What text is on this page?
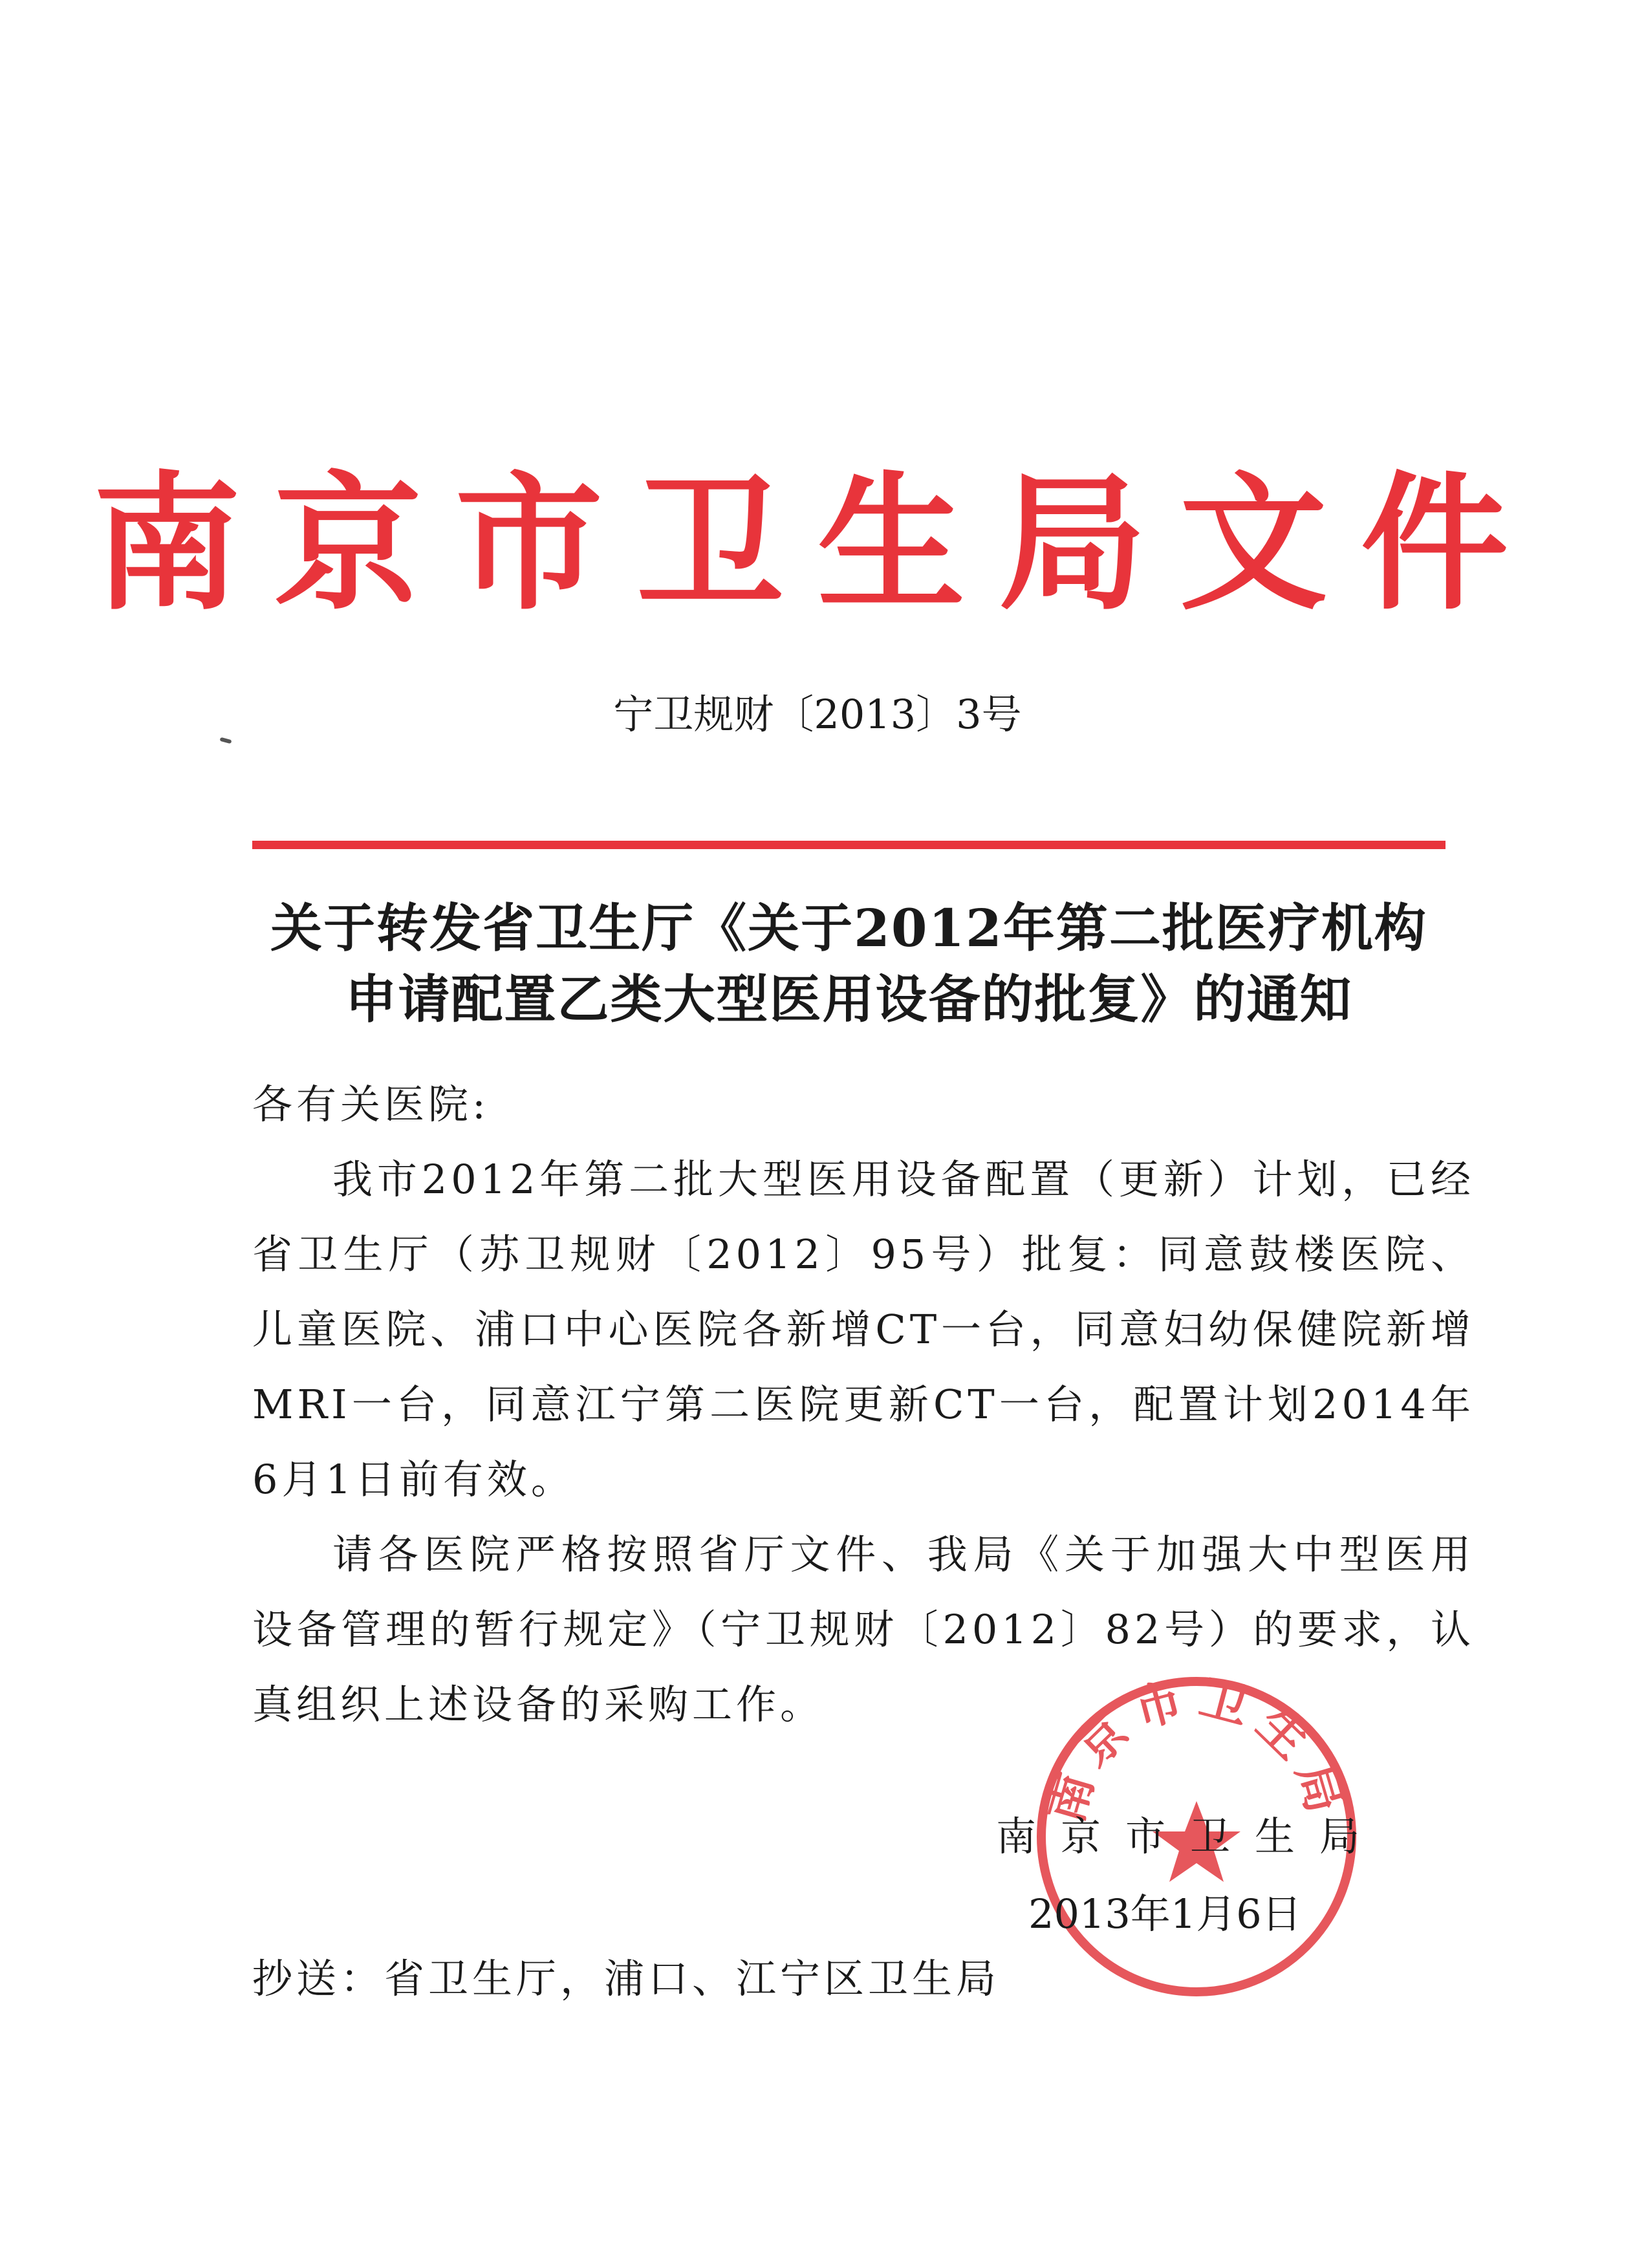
南京市卫生局文件
宁卫规财〔2013〕3号
关于转发省卫生厅《关于2012年第二批医疗机构
申请配置乙类大型医用设备的批复》的通知

各有关医院:

我市2012年第二批大型医用设备配置（更新）计划，已经省卫生厅（苏卫规财〔2012〕95号）批复：同意鼓楼医院、儿童医院、浦口中心医院各新增CT一台，同意妇幼保健院新增MRI一台，同意江宁第二医院更新CT一台，配置计划2014年6月1日前有效。

请各医院严格按照省厅文件、我局《关于加强大中型医用设备管理的暂行规定》（宁卫规财〔2012〕82号）的要求，认真组织上述设备的采购工作。

南京市卫生局
南京市卫生局
2013年1月6日
抄送：省卫生厅，浦口、江宁区卫生局
